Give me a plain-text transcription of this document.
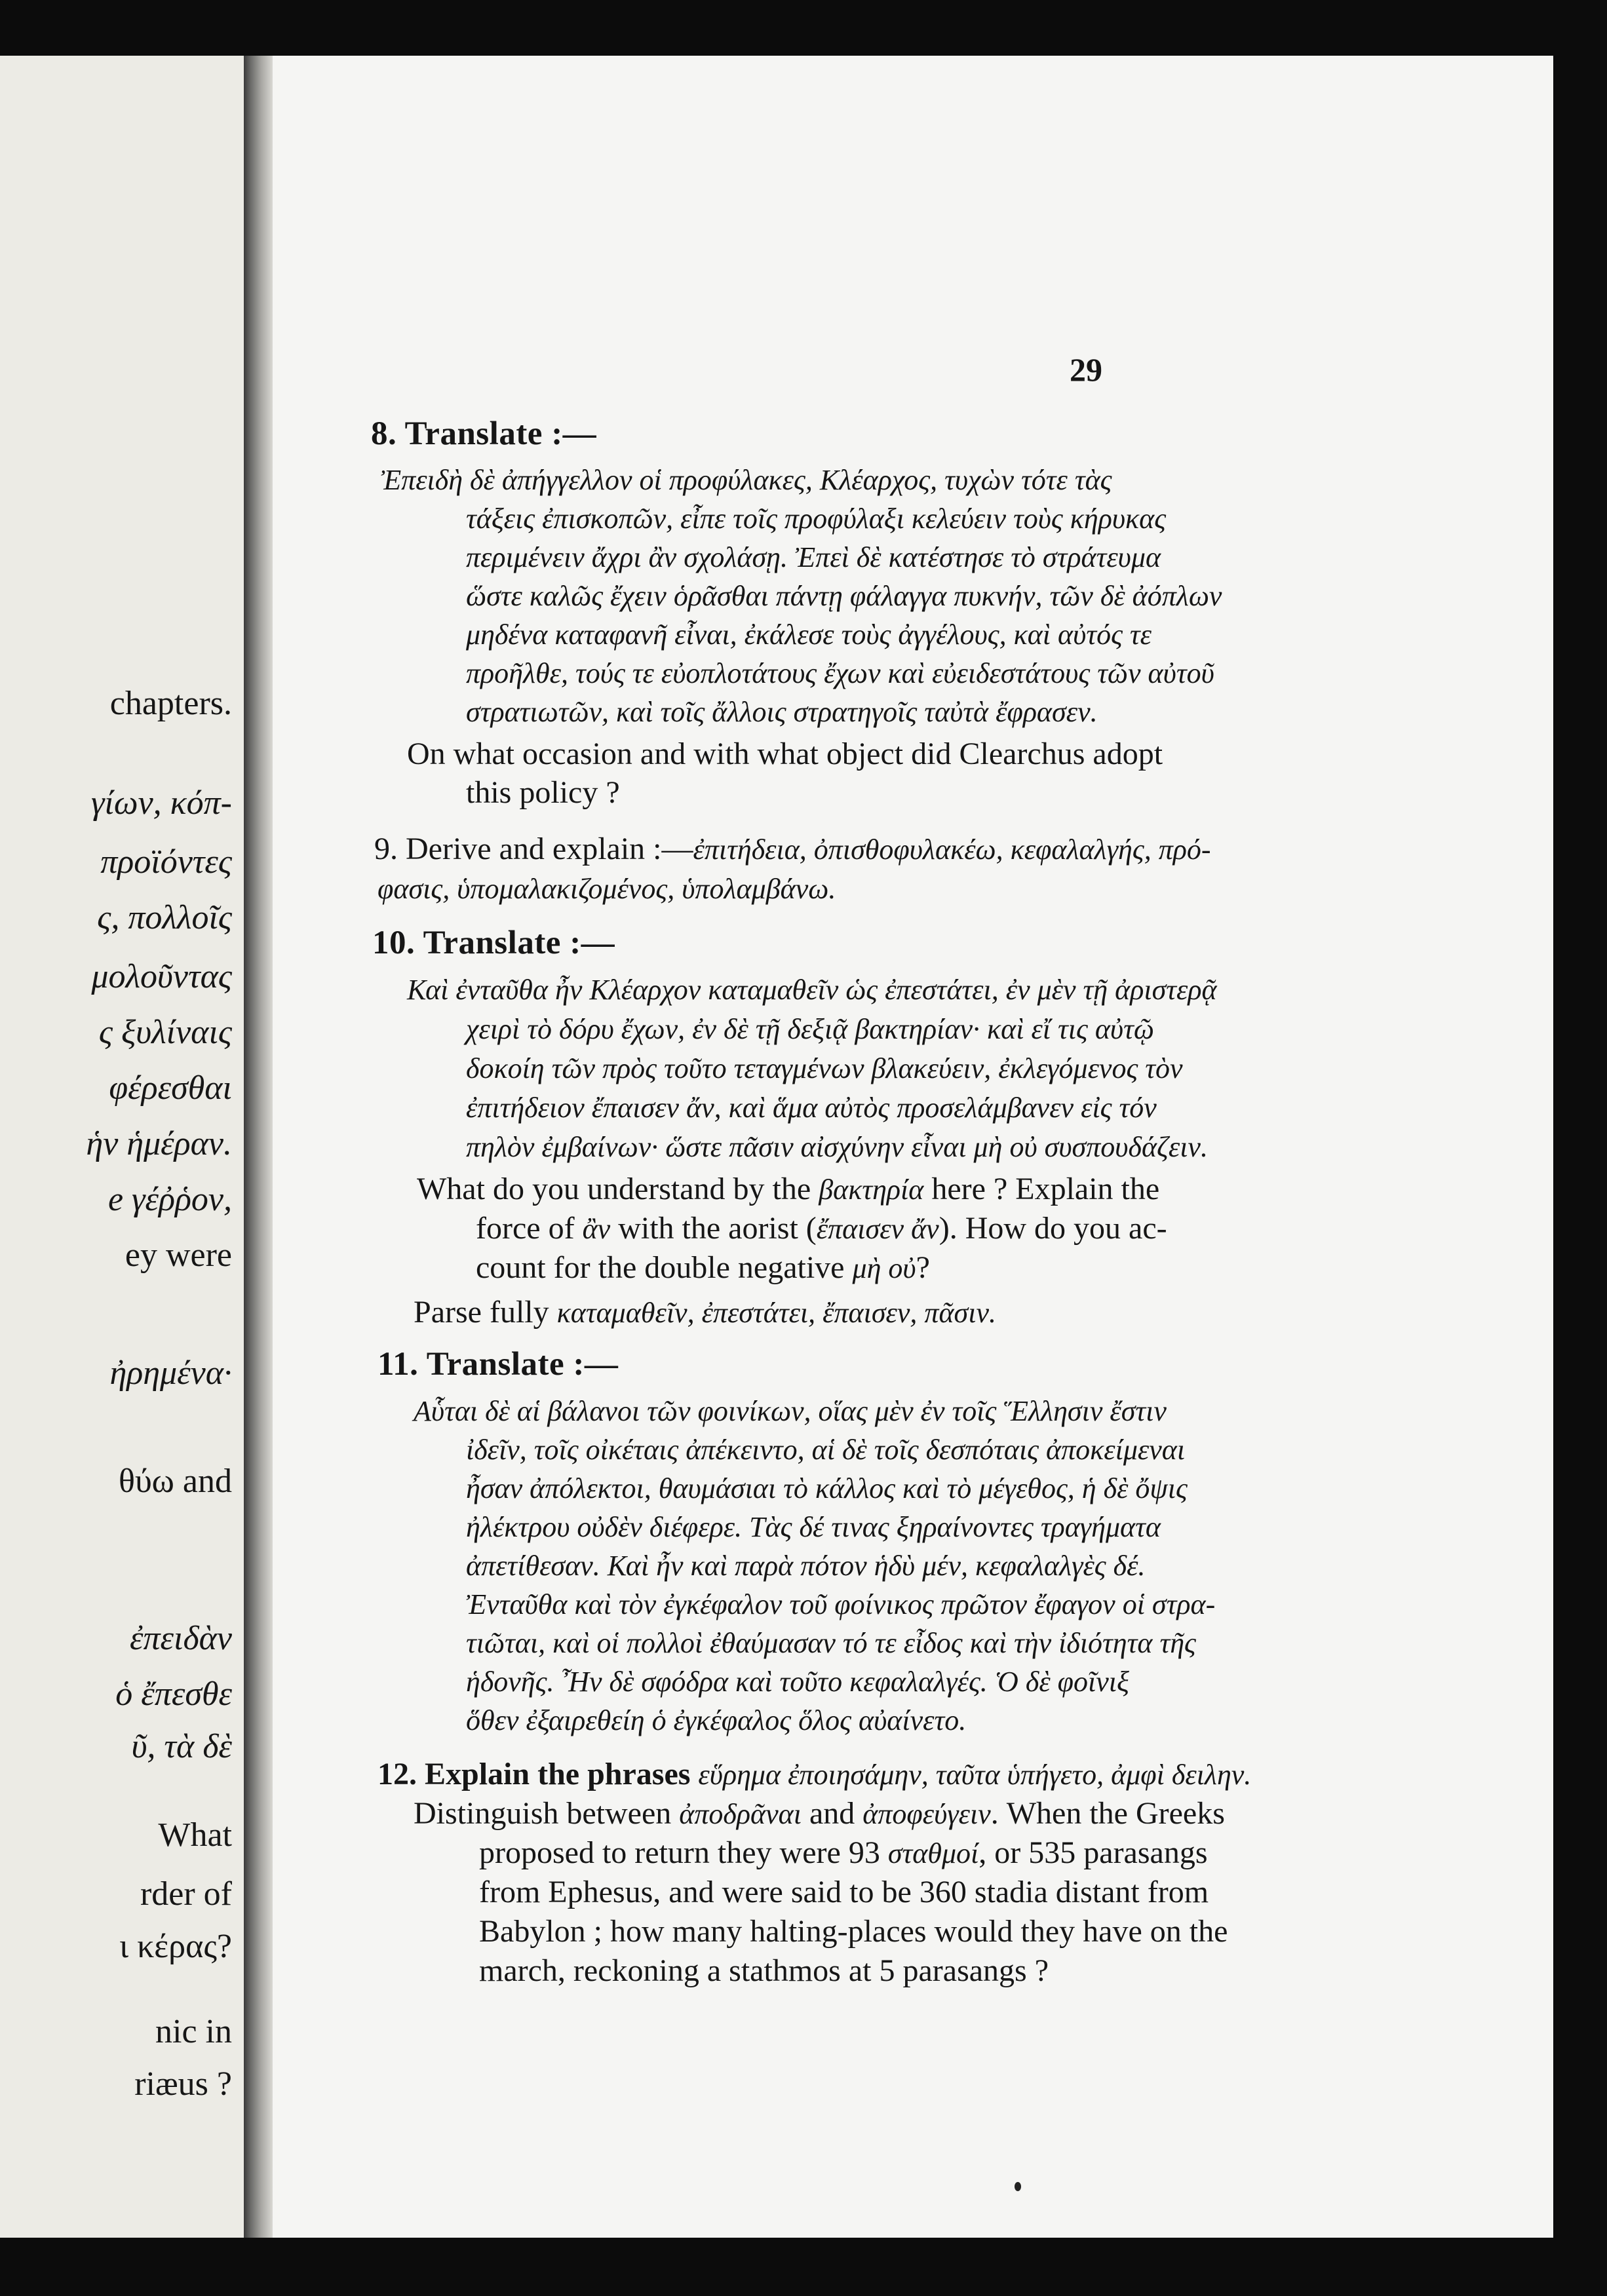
chapters.
γίων, κόπ-
προϊόντες
ς, πολλοῖς
μολοῦντας
ς ξυλίναις
φέρεσθαι
ἡν ἡμέραν.
e γέῤῥον,
ey were
ἠρημένα·
θύω and
ἐπειδὰν
ὁ ἔπεσθε
ῦ, τὰ δὲ
What
rder of
ι κέρας?
nic in
riæus ?
29
8. Translate :—
Ἐπειδὴ δὲ ἀπήγγελλον οἱ προφύλακες, Κλέαρχος, τυχὼν τότε τὰς
τάξεις ἐπισκοπῶν, εἶπε τοῖς προφύλαξι κελεύειν τοὺς κήρυκας
περιμένειν ἄχρι ἂν σχολάσῃ. Ἐπεὶ δὲ κατέστησε τὸ στράτευμα
ὥστε καλῶς ἔχειν ὁρᾶσθαι πάντῃ φάλαγγα πυκνήν, τῶν δὲ ἀόπλων
μηδένα καταφανῆ εἶναι, ἐκάλεσε τοὺς ἀγγέλους, καὶ αὐτός τε
προῆλθε, τούς τε εὐοπλοτάτους ἔχων καὶ εὐειδεστάτους τῶν αὐτοῦ
στρατιωτῶν, καὶ τοῖς ἄλλοις στρατηγοῖς ταὐτὰ ἔφρασεν.
On what occasion and with what object did Clearchus adopt
this policy ?
9. Derive and explain :—ἐπιτήδεια, ὀπισθοφυλακέω, κεφαλαλγής, πρό-
φασις, ὑπομαλακιζομένος, ὑπολαμβάνω.
10. Translate :—
Καὶ ἐνταῦθα ἦν Κλέαρχον καταμαθεῖν ὡς ἐπεστάτει, ἐν μὲν τῇ ἀριστερᾷ
χειρὶ τὸ δόρυ ἔχων, ἐν δὲ τῇ δεξιᾷ βακτηρίαν· καὶ εἴ τις αὐτῷ
δοκοίη τῶν πρὸς τοῦτο τεταγμένων βλακεύειν, ἐκλεγόμενος τὸν
ἐπιτήδειον ἔπαισεν ἄν, καὶ ἅμα αὐτὸς προσελάμβανεν εἰς τόν
πηλὸν ἐμβαίνων· ὥστε πᾶσιν αἰσχύνην εἶναι μὴ οὐ συσπουδάζειν.
What do you understand by the βακτηρία here ? Explain the
force of ἂν with the aorist (ἔπαισεν ἄν). How do you ac-
count for the double negative μὴ οὐ?
Parse fully καταμαθεῖν, ἐπεστάτει, ἔπαισεν, πᾶσιν.
11. Translate :—
Αὗται δὲ αἱ βάλανοι τῶν φοινίκων, οἵας μὲν ἐν τοῖς Ἕλλησιν ἔστιν
ἰδεῖν, τοῖς οἰκέταις ἀπέκειντο, αἱ δὲ τοῖς δεσπόταις ἀποκείμεναι
ἦσαν ἀπόλεκτοι, θαυμάσιαι τὸ κάλλος καὶ τὸ μέγεθος, ἡ δὲ ὄψις
ἠλέκτρου οὐδὲν διέφερε. Τὰς δέ τινας ξηραίνοντες τραγήματα
ἀπετίθεσαν. Καὶ ἦν καὶ παρὰ πότον ἡδὺ μέν, κεφαλαλγὲς δέ.
Ἐνταῦθα καὶ τὸν ἐγκέφαλον τοῦ φοίνικος πρῶτον ἔφαγον οἱ στρα-
τιῶται, καὶ οἱ πολλοὶ ἐθαύμασαν τό τε εἶδος καὶ τὴν ἰδιότητα τῆς
ἡδονῆς. Ἦν δὲ σφόδρα καὶ τοῦτο κεφαλαλγές. Ὁ δὲ φοῖνιξ
ὅθεν ἐξαιρεθείη ὁ ἐγκέφαλος ὅλος αὐαίνετο.
12. Explain the phrases εὕρημα ἐποιησάμην, ταῦτα ὑπήγετο, ἀμφὶ δειλην.
Distinguish between ἀποδρᾶναι and ἀποφεύγειν. When the Greeks
proposed to return they were 93 σταθμοί, or 535 parasangs
from Ephesus, and were said to be 360 stadia distant from
Babylon ; how many halting-places would they have on the
march, reckoning a stathmos at 5 parasangs ?
